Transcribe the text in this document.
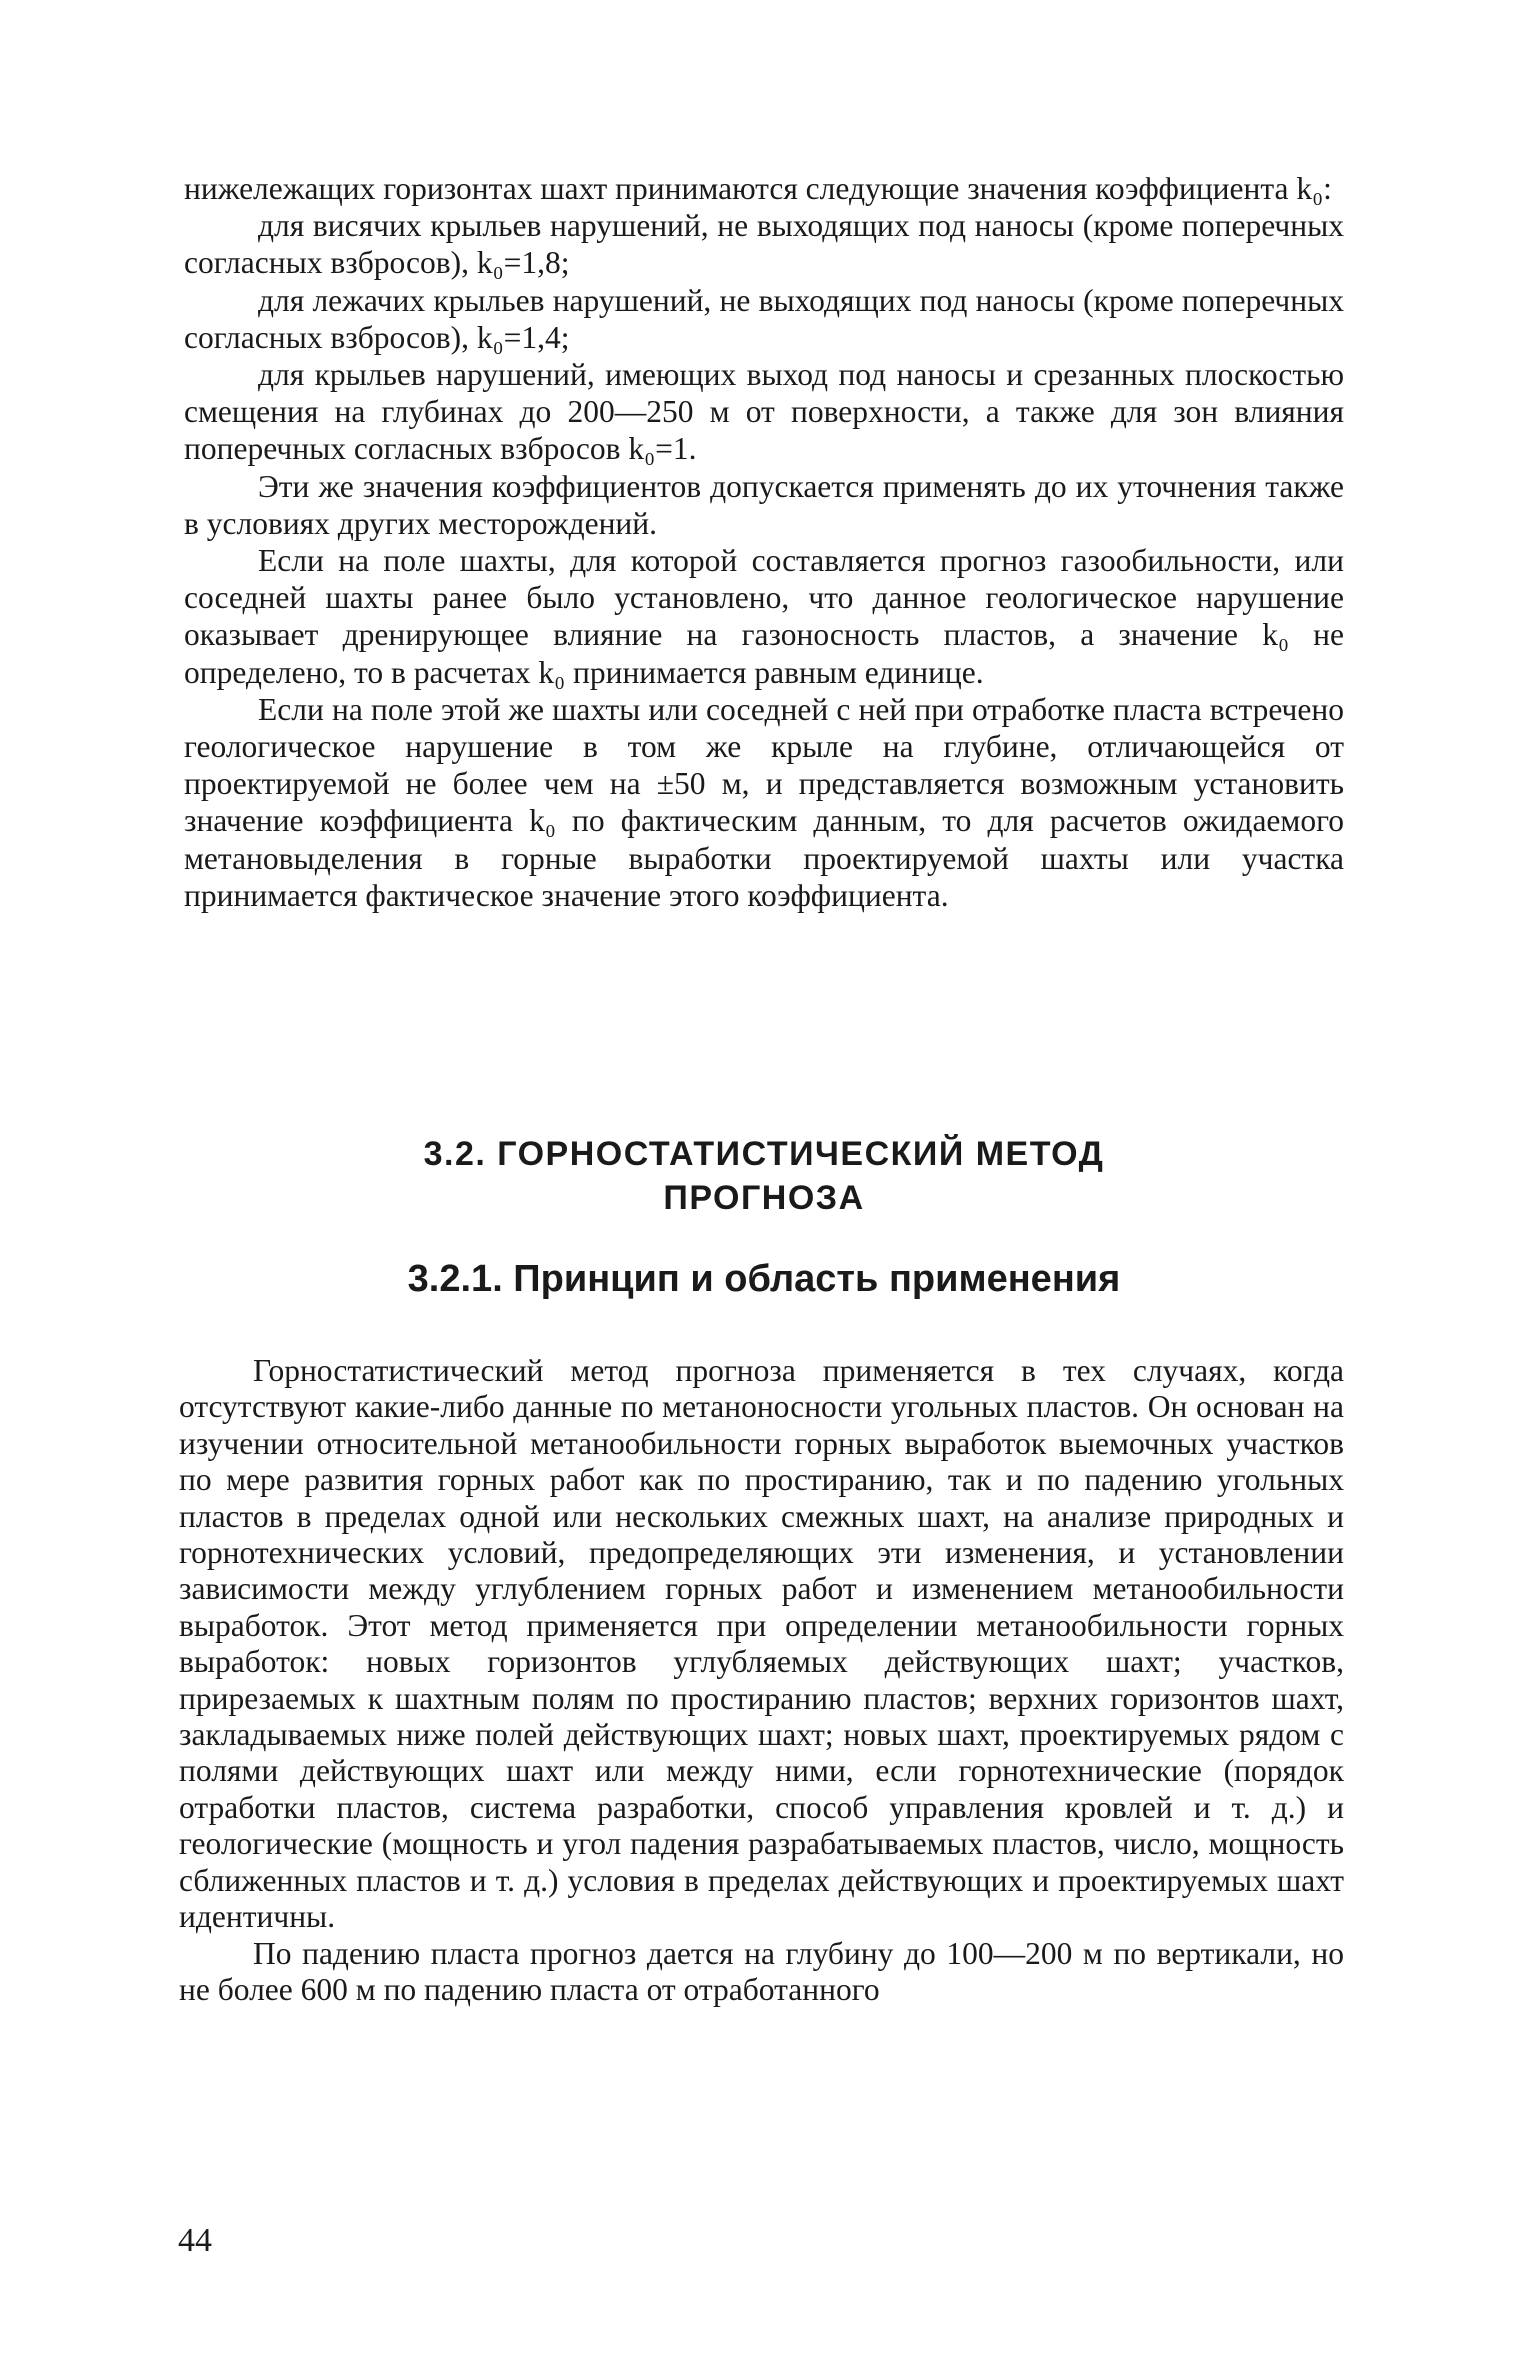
нижележащих горизонтах шахт принимаются следующие значения коэффициента k₀:

для висячих крыльев нарушений, не выходящих под наносы (кроме поперечных согласных взбросов), k₀=1,8;

для лежачих крыльев нарушений, не выходящих под наносы (кроме поперечных согласных взбросов), k₀=1,4;

для крыльев нарушений, имеющих выход под наносы и срезанных плоскостью смещения на глубинах до 200—250 м от поверхности, а также для зон влияния поперечных согласных взбросов k₀=1.

Эти же значения коэффициентов допускается применять до их уточнения также в условиях других месторождений.

Если на поле шахты, для которой составляется прогноз газообильности, или соседней шахты ранее было установлено, что данное геологическое нарушение оказывает дренирующее влияние на газоносность пластов, а значение k₀ не определено, то в расчетах k₀ принимается равным единице.

Если на поле этой же шахты или соседней с ней при отработке пласта встречено геологическое нарушение в том же крыле на глубине, отличающейся от проектируемой не более чем на ±50 м, и представляется возможным установить значение коэффициента k₀ по фактическим данным, то для расчетов ожидаемого метановыделения в горные выработки проектируемой шахты или участка принимается фактическое значение этого коэффициента.

3.2. ГОРНОСТАТИСТИЧЕСКИЙ МЕТОД
ПРОГНОЗА
3.2.1. Принцип и область применения

Горностатистический метод прогноза применяется в тех случаях, когда отсутствуют какие-либо данные по метаноносности угольных пластов. Он основан на изучении относительной метанообильности горных выработок выемочных участков по мере развития горных работ как по простиранию, так и по падению угольных пластов в пределах одной или нескольких смежных шахт, на анализе природных и горнотехнических условий, предопределяющих эти изменения, и установлении зависимости между углублением горных работ и изменением метанообильности выработок. Этот метод применяется при определении метанообильности горных выработок: новых горизонтов углубляемых действующих шахт; участков, прирезаемых к шахтным полям по простиранию пластов; верхних горизонтов шахт, закладываемых ниже полей действующих шахт; новых шахт, проектируемых рядом с полями действующих шахт или между ними, если горнотехнические (порядок отработки пластов, система разработки, способ управления кровлей и т. д.) и геологические (мощность и угол падения разрабатываемых пластов, число, мощность сближенных пластов и т. д.) условия в пределах действующих и проектируемых шахт идентичны.

По падению пласта прогноз дается на глубину до 100—200 м по вертикали, но не более 600 м по падению пласта от отработанного

44
